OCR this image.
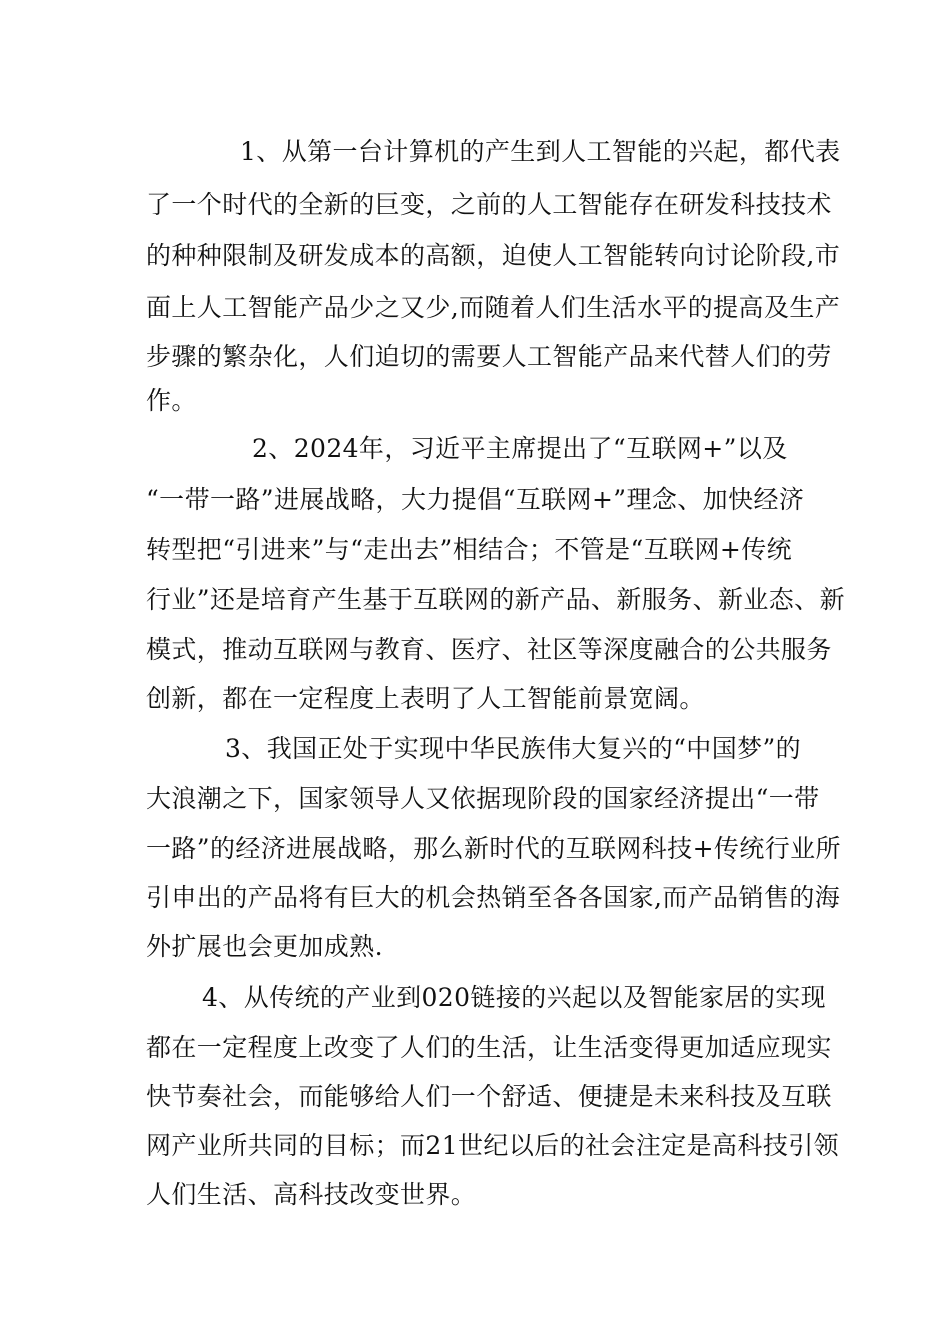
1、从第一台计算机的产生到人工智能的兴起，都代表
了一个时代的全新的巨变，之前的人工智能存在研发科技技术
的种种限制及研发成本的高额，迫使人工智能转向讨论阶段,市
面上人工智能产品少之又少,而随着人们生活水平的提高及生产
步骤的繁杂化，人们迫切的需要人工智能产品来代替人们的劳
作。
2、2024年，习近平主席提出了“互联网+”以及
“一带一路”进展战略，大力提倡“互联网+”理念、加快经济
转型把“引进来”与“走出去”相结合；不管是“互联网+传统
行业”还是培育产生基于互联网的新产品、新服务、新业态、新
模式，推动互联网与教育、医疗、社区等深度融合的公共服务
创新，都在一定程度上表明了人工智能前景宽阔。
3、我国正处于实现中华民族伟大复兴的“中国梦”的
大浪潮之下，国家领导人又依据现阶段的国家经济提出“一带
一路”的经济进展战略，那么新时代的互联网科技+传统行业所
引申出的产品将有巨大的机会热销至各各国家,而产品销售的海
外扩展也会更加成熟.
4、从传统的产业到020链接的兴起以及智能家居的实现
都在一定程度上改变了人们的生活，让生活变得更加适应现实
快节奏社会，而能够给人们一个舒适、便捷是未来科技及互联
网产业所共同的目标；而21世纪以后的社会注定是高科技引领
人们生活、高科技改变世界。
